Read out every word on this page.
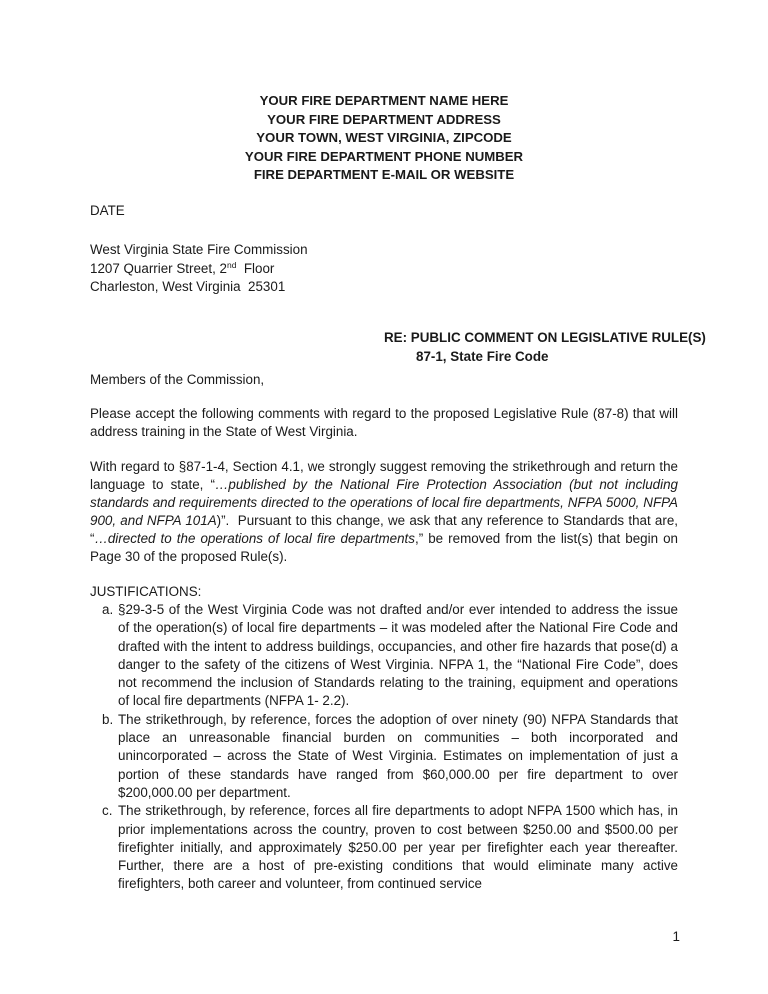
YOUR FIRE DEPARTMENT NAME HERE
YOUR FIRE DEPARTMENT ADDRESS
YOUR TOWN, WEST VIRGINIA, ZIPCODE
YOUR FIRE DEPARTMENT PHONE NUMBER
FIRE DEPARTMENT E-MAIL OR WEBSITE
DATE
West Virginia State Fire Commission
1207 Quarrier Street, 2nd  Floor
Charleston, West Virginia  25301
RE: PUBLIC COMMENT ON LEGISLATIVE RULE(S)
87-1, State Fire Code
Members of the Commission,
Please accept the following comments with regard to the proposed Legislative Rule (87-8) that will address training in the State of West Virginia.
With regard to §87-1-4, Section 4.1, we strongly suggest removing the strikethrough and return the language to state, “…published by the National Fire Protection Association (but not including standards and requirements directed to the operations of local fire departments, NFPA 5000, NFPA 900, and NFPA 101A)”.  Pursuant to this change, we ask that any reference to Standards that are, “…directed to the operations of local fire departments,” be removed from the list(s) that begin on Page 30 of the proposed Rule(s).
JUSTIFICATIONS:
a. §29-3-5 of the West Virginia Code was not drafted and/or ever intended to address the issue of the operation(s) of local fire departments – it was modeled after the National Fire Code and drafted with the intent to address buildings, occupancies, and other fire hazards that pose(d) a danger to the safety of the citizens of West Virginia. NFPA 1, the “National Fire Code”, does not recommend the inclusion of Standards relating to the training, equipment and operations of local fire departments (NFPA 1- 2.2).
b. The strikethrough, by reference, forces the adoption of over ninety (90) NFPA Standards that place an unreasonable financial burden on communities – both incorporated and unincorporated – across the State of West Virginia. Estimates on implementation of just a portion of these standards have ranged from $60,000.00 per fire department to over $200,000.00 per department.
c. The strikethrough, by reference, forces all fire departments to adopt NFPA 1500 which has, in prior implementations across the country, proven to cost between $250.00 and $500.00 per firefighter initially, and approximately $250.00 per year per firefighter each year thereafter. Further, there are a host of pre-existing conditions that would eliminate many active firefighters, both career and volunteer, from continued service
1
